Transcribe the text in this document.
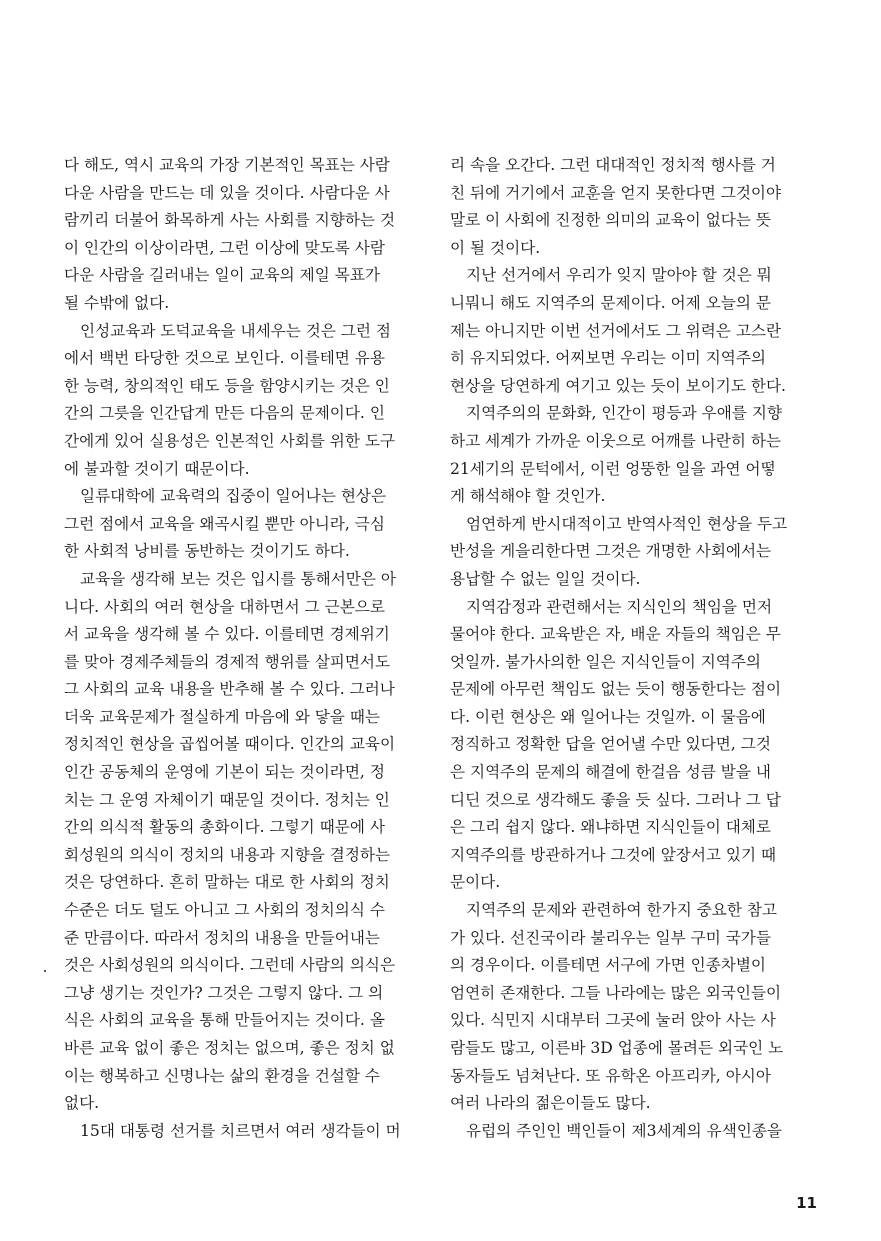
다 해도, 역시 교육의 가장 기본적인 목표는 사람
다운 사람을 만드는 데 있을 것이다. 사람다운 사
람끼리 더불어 화목하게 사는 사회를 지향하는 것
이 인간의 이상이라면, 그런 이상에 맞도록 사람
다운 사람을 길러내는 일이 교육의 제일 목표가
될 수밖에 없다.
인성교육과 도덕교육을 내세우는 것은 그런 점
에서 백번 타당한 것으로 보인다. 이를테면 유용
한 능력, 창의적인 태도 등을 함양시키는 것은 인
간의 그릇을 인간답게 만든 다음의 문제이다. 인
간에게 있어 실용성은 인본적인 사회를 위한 도구
에 불과할 것이기 때문이다.
일류대학에 교육력의 집중이 일어나는 현상은
그런 점에서 교육을 왜곡시킬 뿐만 아니라, 극심
한 사회적 낭비를 동반하는 것이기도 하다.
교육을 생각해 보는 것은 입시를 통해서만은 아
니다. 사회의 여러 현상을 대하면서 그 근본으로
서 교육을 생각해 볼 수 있다. 이를테면 경제위기
를 맞아 경제주체들의 경제적 행위를 살피면서도
그 사회의 교육 내용을 반추해 볼 수 있다. 그러나
더욱 교육문제가 절실하게 마음에 와 닿을 때는
정치적인 현상을 곱씹어볼 때이다. 인간의 교육이
인간 공동체의 운영에 기본이 되는 것이라면, 정
치는 그 운영 자체이기 때문일 것이다. 정치는 인
간의 의식적 활동의 총화이다. 그렇기 때문에 사
회성원의 의식이 정치의 내용과 지향을 결정하는
것은 당연하다. 흔히 말하는 대로 한 사회의 정치
수준은 더도 덜도 아니고 그 사회의 정치의식 수
준 만큼이다. 따라서 정치의 내용을 만들어내는
것은 사회성원의 의식이다. 그런데 사람의 의식은
그냥 생기는 것인가? 그것은 그렇지 않다. 그 의
식은 사회의 교육을 통해 만들어지는 것이다. 올
바른 교육 없이 좋은 정치는 없으며, 좋은 정치 없
이는 행복하고 신명나는 삶의 환경을 건설할 수
없다.
15대 대통령 선거를 치르면서 여러 생각들이 머
리 속을 오간다. 그런 대대적인 정치적 행사를 거
친 뒤에 거기에서 교훈을 얻지 못한다면 그것이야
말로 이 사회에 진정한 의미의 교육이 없다는 뜻
이 될 것이다.
지난 선거에서 우리가 잊지 말아야 할 것은 뭐
니뭐니 해도 지역주의 문제이다. 어제 오늘의 문
제는 아니지만 이번 선거에서도 그 위력은 고스란
히 유지되었다. 어찌보면 우리는 이미 지역주의
현상을 당연하게 여기고 있는 듯이 보이기도 한다.
지역주의의 문화화, 인간이 평등과 우애를 지향
하고 세계가 가까운 이웃으로 어깨를 나란히 하는
21세기의 문턱에서, 이런 엉뚱한 일을 과연 어떻
게 해석해야 할 것인가.
엄연하게 반시대적이고 반역사적인 현상을 두고
반성을 게을리한다면 그것은 개명한 사회에서는
용납할 수 없는 일일 것이다.
지역감정과 관련해서는 지식인의 책임을 먼저
물어야 한다. 교육받은 자, 배운 자들의 책임은 무
엇일까. 불가사의한 일은 지식인들이 지역주의
문제에 아무런 책임도 없는 듯이 행동한다는 점이
다. 이런 현상은 왜 일어나는 것일까. 이 물음에
정직하고 정확한 답을 얻어낼 수만 있다면, 그것
은 지역주의 문제의 해결에 한걸음 성큼 발을 내
디딘 것으로 생각해도 좋을 듯 싶다. 그러나 그 답
은 그리 쉽지 않다. 왜냐하면 지식인들이 대체로
지역주의를 방관하거나 그것에 앞장서고 있기 때
문이다.
지역주의 문제와 관련하여 한가지 중요한 참고
가 있다. 선진국이라 불리우는 일부 구미 국가들
의 경우이다. 이를테면 서구에 가면 인종차별이
엄연히 존재한다. 그들 나라에는 많은 외국인들이
있다. 식민지 시대부터 그곳에 눌러 앉아 사는 사
람들도 많고, 이른바 3D 업종에 몰려든 외국인 노
동자들도 넘쳐난다. 또 유학온 아프리카, 아시아
여러 나라의 젊은이들도 많다.
유럽의 주인인 백인들이 제3세계의 유색인종을
11
